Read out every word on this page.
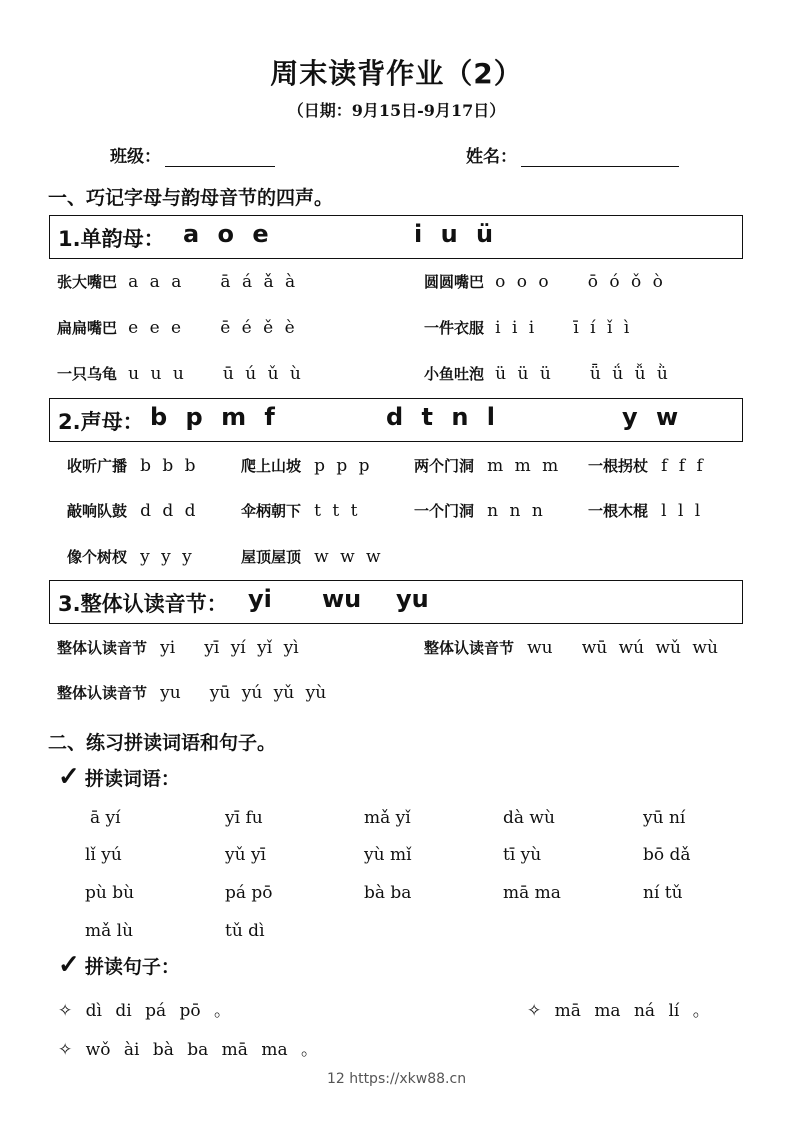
周末读背作业（2）
（日期：9月15日-9月17日）
班级：	姓名：
一、巧记字母与韵母音节的四声。
1.单韵母： a o e	i u ü
张大嘴巴 a a a ā á ǎ à	圆圆嘴巴 o o o ō ó ǒ ò
扁扁嘴巴 e e e ē é ě è	一件衣服 i i i ī í ǐ ì
一只乌龟 u u u ū ú ǔ ù	小鱼吐泡 ü ü ü ǖ ǘ ǚ ǜ
2.声母： b p m f	d t n l	y w
收听广播 b b b	爬上山坡 p p p	两个门洞 m m m 一根拐杖 f f f
敲响队鼓 d d d	伞柄朝下 t t t	一个门洞 n n n	一根木棍 l l l
像个树杈 y y y	屋顶屋顶 w w w
3.整体认读音节： yi wu yu
整体认读音节 yi yī yí yǐ yì	整体认读音节 wu wū wú wǔ wù
整体认读音节 yu yū yú yǔ yù
二、练习拼读词语和句子。
✓ 拼读词语：
ā yí	yī fu	mǎ yǐ	dà wù	yū ní
lǐ yú	yǔ yī	yù mǐ	tī yù	bō dǎ
pù bù	pá pō	bà ba	mā ma	ní tǔ
mǎ lù	tǔ dì
✓ 拼读句子：
✧ dì di pá pō 。	✧ mā ma ná lí 。
✧ wǒ ài bà ba mā ma 。
12 https://xkw88.cn
